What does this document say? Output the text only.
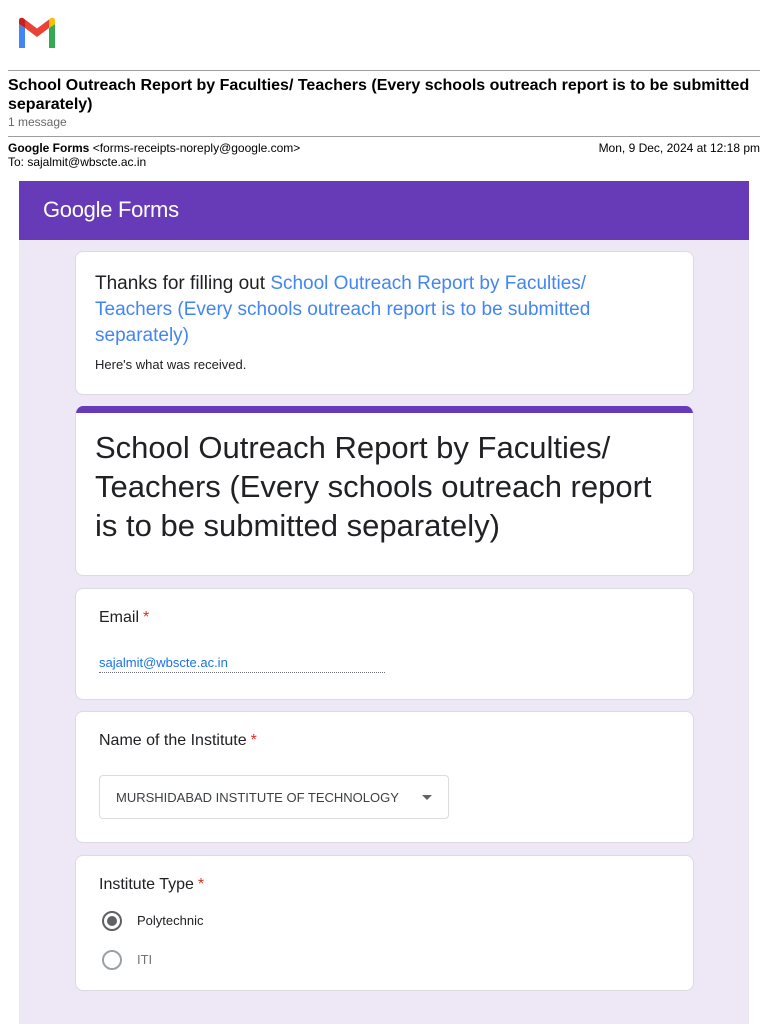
School Outreach Report by Faculties/ Teachers (Every schools outreach report is to be submitted separately)
1 message
Google Forms <forms-receipts-noreply@google.com>	Mon, 9 Dec, 2024 at 12:18 pm
To: sajalmit@wbscte.ac.in
Google Forms
Thanks for filling out School Outreach Report by Faculties/ Teachers (Every schools outreach report is to be submitted separately)
Here's what was received.
School Outreach Report by Faculties/ Teachers (Every schools outreach report is to be submitted separately)
Email *
sajalmit@wbscte.ac.in
Name of the Institute *
MURSHIDABAD INSTITUTE OF TECHNOLOGY
Institute Type *
Polytechnic
ITI
